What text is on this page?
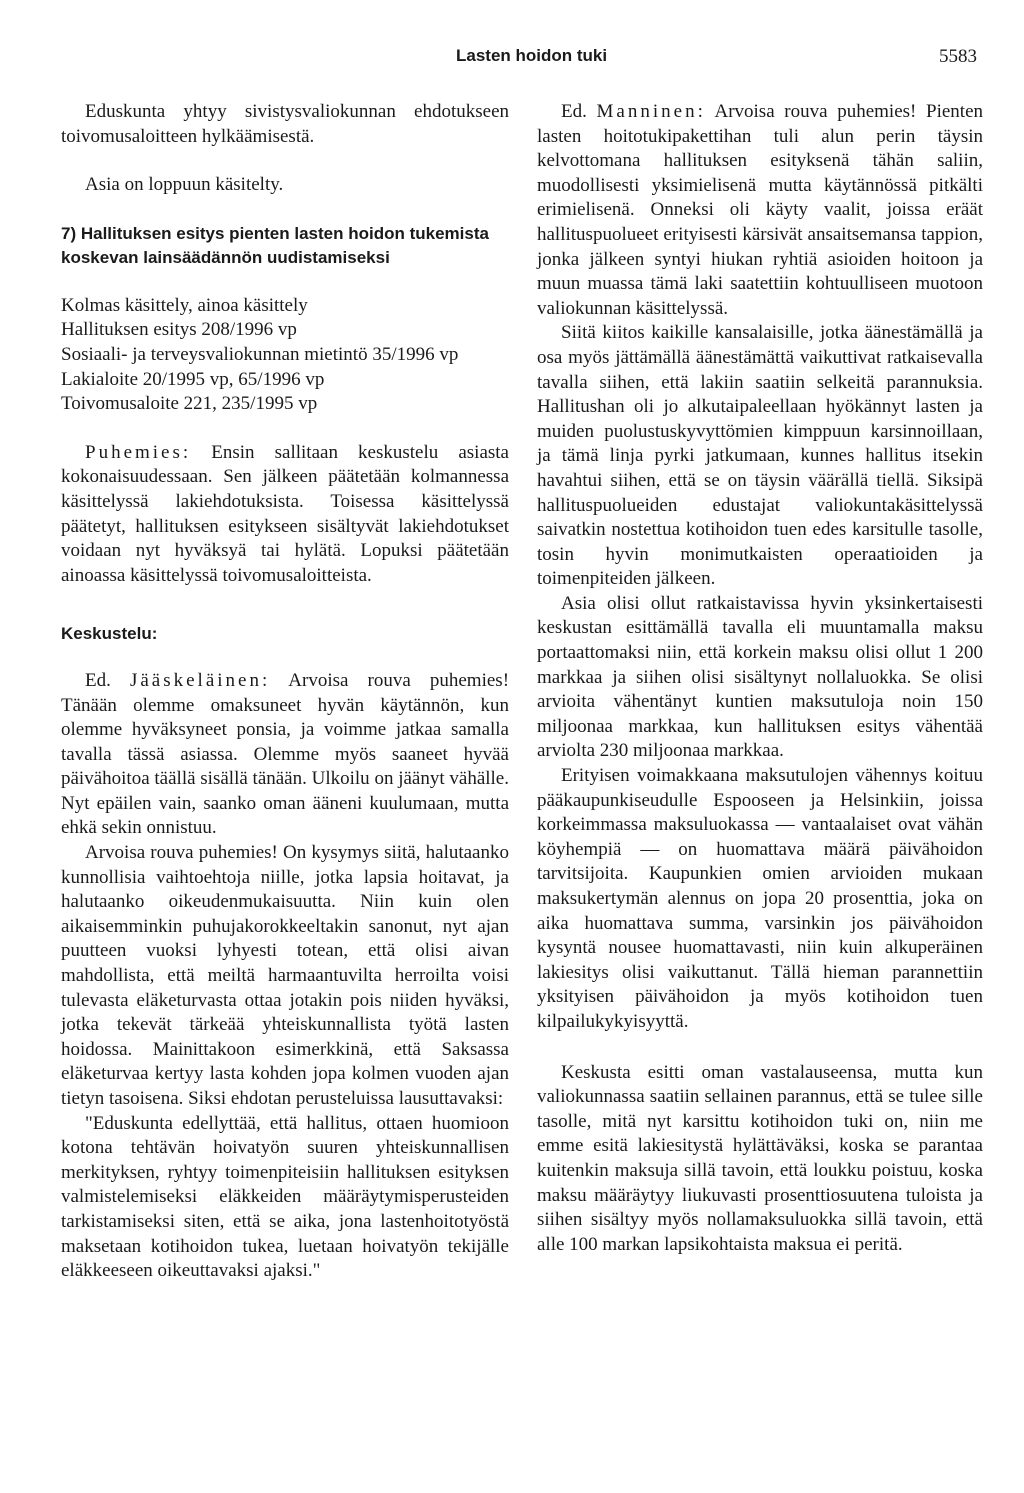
Lasten hoidon tuki	5583

Eduskunta yhtyy sivistysvaliokunnan ehdotukseen toivomusaloitteen hylkäämisestä.

Asia on loppuun käsitelty.

7) Hallituksen esitys pienten lasten hoidon tukemista koskevan lainsäädännön uudistamiseksi

Kolmas käsittely, ainoa käsittely

Hallituksen esitys 208/1996 vp

Sosiaali- ja terveysvaliokunnan mietintö 35/1996 vp

Lakialoite 20/1995 vp, 65/1996 vp

Toivomusaloite 221, 235/1995 vp

Puhemies: Ensin sallitaan keskustelu asiasta kokonaisuudessaan. Sen jälkeen päätetään kolmannessa käsittelyssä lakiehdotuksista. Toisessa käsittelyssä päätetyt, hallituksen esitykseen sisältyvät lakiehdotukset voidaan nyt hyväksyä tai hylätä. Lopuksi päätetään ainoassa käsittelyssä toivomusaloitteista.

Keskustelu:

Ed. Jääskeläinen: Arvoisa rouva puhemies! Tänään olemme omaksuneet hyvän käytännön, kun olemme hyväksyneet ponsia, ja voimme jatkaa samalla tavalla tässä asiassa. Olemme myös saaneet hyvää päivähoitoa täällä sisällä tänään. Ulkoilu on jäänyt vähälle. Nyt epäilen vain, saanko oman ääneni kuulumaan, mutta ehkä sekin onnistuu.

Arvoisa rouva puhemies! On kysymys siitä, halutaanko kunnollisia vaihtoehtoja niille, jotka lapsia hoitavat, ja halutaanko oikeudenmukaisuutta. Niin kuin olen aikaisemminkin puhujakorokkeeltakin sanonut, nyt ajan puutteen vuoksi lyhyesti totean, että olisi aivan mahdollista, että meiltä harmaantuvilta herroilta voisi tulevasta eläketurvasta ottaa jotakin pois niiden hyväksi, jotka tekevät tärkeää yhteiskunnallista työtä lasten hoidossa. Mainittakoon esimerkkinä, että Saksassa eläketurvaa kertyy lasta kohden jopa kolmen vuoden ajan tietyn tasoisena. Siksi ehdotan perusteluissa lausuttavaksi:

"Eduskunta edellyttää, että hallitus, ottaen huomioon kotona tehtävän hoivatyön suuren yhteiskunnallisen merkityksen, ryhtyy toimenpiteisiin hallituksen esityksen valmistelemiseksi eläkkeiden määräytymisperusteiden tarkistamiseksi siten, että se aika, jona lastenhoitotyöstä maksetaan kotihoidon tukea, luetaan hoivatyön tekijälle eläkkeeseen oikeuttavaksi ajaksi."

Ed. Manninen: Arvoisa rouva puhemies! Pienten lasten hoitotukipakettihan tuli alun perin täysin kelvottomana hallituksen esityksenä tähän saliin, muodollisesti yksimielisenä mutta käytännössä pitkälti erimielisenä. Onneksi oli käyty vaalit, joissa eräät hallituspuolueet erityisesti kärsivät ansaitsemansa tappion, jonka jälkeen syntyi hiukan ryhtiä asioiden hoitoon ja muun muassa tämä laki saatettiin kohtuulliseen muotoon valiokunnan käsittelyssä.

Siitä kiitos kaikille kansalaisille, jotka äänestämällä ja osa myös jättämällä äänestämättä vaikuttivat ratkaisevalla tavalla siihen, että lakiin saatiin selkeitä parannuksia. Hallitushan oli jo alkutaipaleellaan hyökännyt lasten ja muiden puolustuskyvyttömien kimppuun karsinnoillaan, ja tämä linja pyrki jatkumaan, kunnes hallitus itsekin havahtui siihen, että se on täysin väärällä tiellä. Siksipä hallituspuolueiden edustajat valiokuntakäsittelyssä saivatkin nostettua kotihoidon tuen edes karsitulle tasolle, tosin hyvin monimutkaisten operaatioiden ja toimenpiteiden jälkeen.

Asia olisi ollut ratkaistavissa hyvin yksinkertaisesti keskustan esittämällä tavalla eli muuntamalla maksu portaattomaksi niin, että korkein maksu olisi ollut 1 200 markkaa ja siihen olisi sisältynyt nollaluokka. Se olisi arvioita vähentänyt kuntien maksutuloja noin 150 miljoonaa markkaa, kun hallituksen esitys vähentää arviolta 230 miljoonaa markkaa.

Erityisen voimakkaana maksutulojen vähennys koituu pääkaupunkiseudulle Espooseen ja Helsinkiin, joissa korkeimmassa maksuluokassa — vantaalaiset ovat vähän köyhempiä — on huomattava määrä päivähoidon tarvitsijoita. Kaupunkien omien arvioiden mukaan maksukertymän alennus on jopa 20 prosenttia, joka on aika huomattava summa, varsinkin jos päivähoidon kysyntä nousee huomattavasti, niin kuin alkuperäinen lakiesitys olisi vaikuttanut. Tällä hieman parannettiin yksityisen päivähoidon ja myös kotihoidon tuen kilpailukykyisyyttä.

Keskusta esitti oman vastalauseensa, mutta kun valiokunnassa saatiin sellainen parannus, että se tulee sille tasolle, mitä nyt karsittu kotihoidon tuki on, niin me emme esitä lakiesitystä hylättäväksi, koska se parantaa kuitenkin maksuja sillä tavoin, että loukku poistuu, koska maksu määräytyy liukuvasti prosenttiosuutena tuloista ja siihen sisältyy myös nollamaksuluokka sillä tavoin, että alle 100 markan lapsikohtaista maksua ei peritä.
